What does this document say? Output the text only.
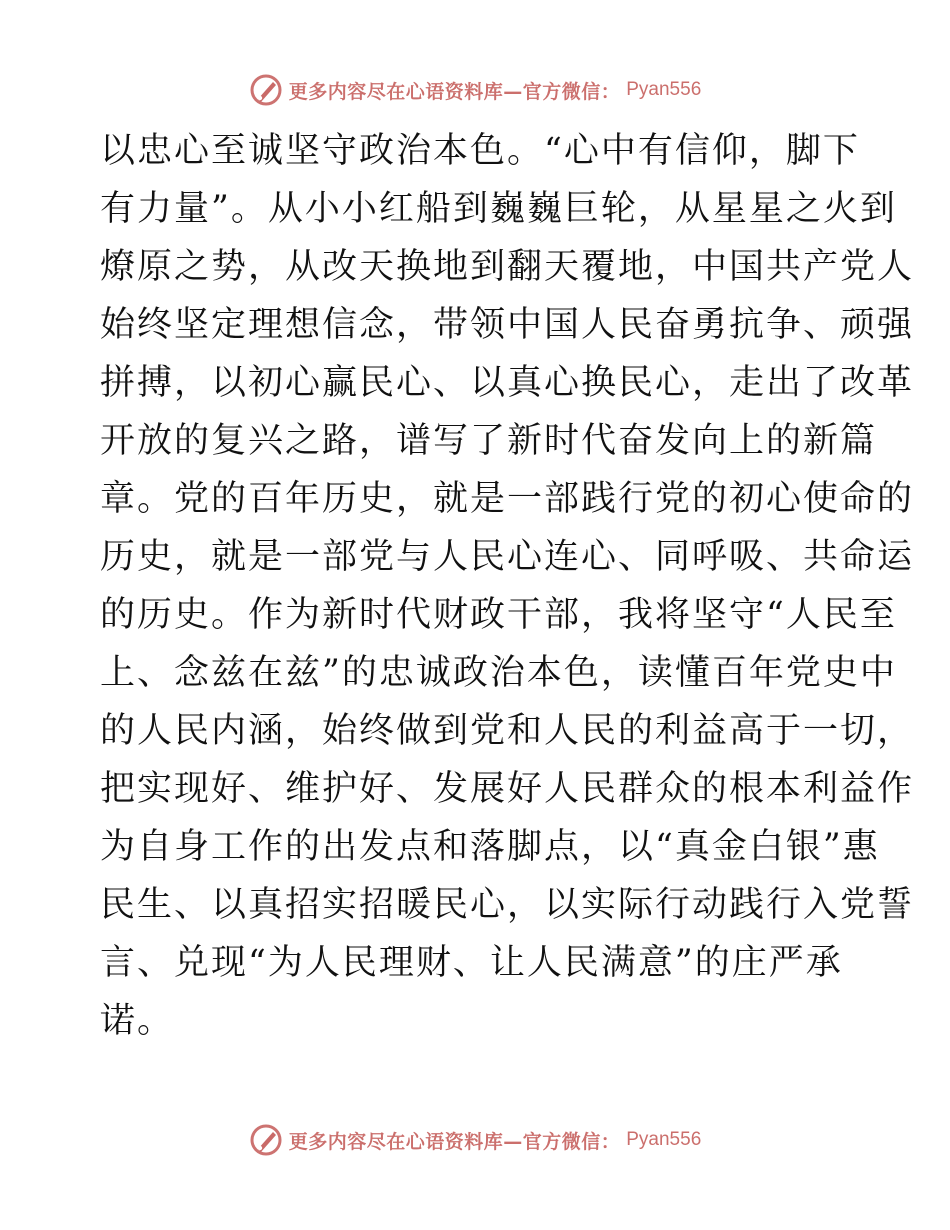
更多内容尽在心语资料库—官方微信： Pyan556
以忠心至诚坚守政治本色。“心中有信仰，脚下
有力量”。从小小红船到巍巍巨轮，从星星之火到
燎原之势，从改天换地到翻天覆地，中国共产党人
始终坚定理想信念，带领中国人民奋勇抗争、顽强
拼搏，以初心赢民心、以真心换民心，走出了改革
开放的复兴之路，谱写了新时代奋发向上的新篇
章。党的百年历史，就是一部践行党的初心使命的
历史，就是一部党与人民心连心、同呼吸、共命运
的历史。作为新时代财政干部，我将坚守“人民至
上、念兹在兹”的忠诚政治本色，读懂百年党史中
的人民内涵，始终做到党和人民的利益高于一切，
把实现好、维护好、发展好人民群众的根本利益作
为自身工作的出发点和落脚点，以“真金白银”惠
民生、以真招实招暖民心，以实际行动践行入党誓
言、兑现“为人民理财、让人民满意”的庄严承
诺。
更多内容尽在心语资料库—官方微信： Pyan556
